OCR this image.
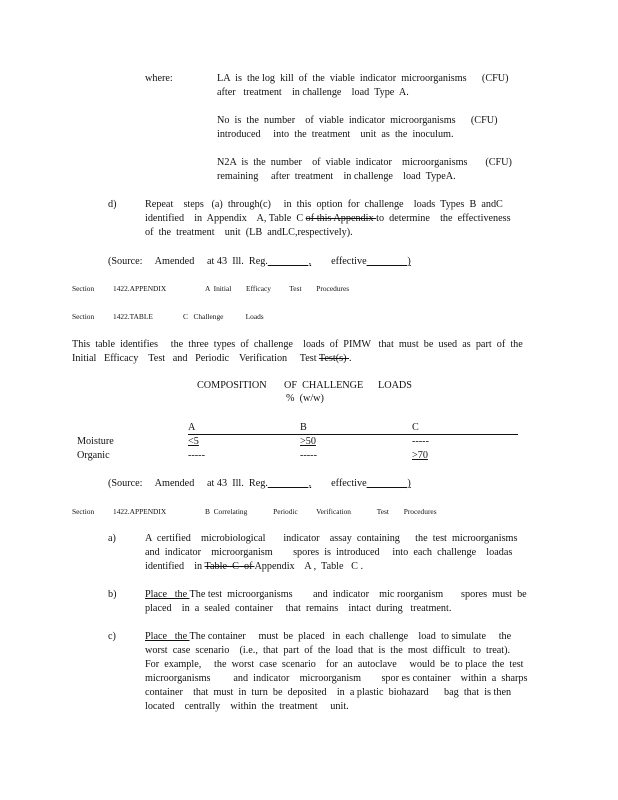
where:	LA  is  the log  kill  of  the  viable  indicator  microorganisms      (CFU)
after   treatment    in challenge    load  Type  A.
No  is  the  number    of  viable  indicator  microorganisms      (CFU)
introduced     into  the  treatment    unit  as  the  inoculum.
N2A  is  the  number    of  viable  indicator    microorganisms       (CFU)
remaining     after  treatment    in challenge    load  TypeA.
d)	Repeat    steps   (a)  through(c)     in  this  option  for  challenge    loads  Types  B  andC
identified    in  Appendix    A, Table  C of this Appendix to  determine    the  effectiveness
of  the  treatment    unit  (LB  andLC,respectively).
(Source:     Amended     at 43  Ill.  Reg.________, effective________)
Section	1422.APPENDIX	A  Initial        Efficacy          Test        Procedures
Section	1422.TABLE	C   Challenge            Loads
This  table  identifies     the  three  types  of  challenge    loads  of  PIMW   that  must  be  used  as  part  of  the
Initial   Efficacy    Test   and   Periodic    Verification     Test Test(s) .
COMPOSITION OF  CHALLENGE LOADS
%  (w/w)
A	B	C
Moisture	<5	>50	-----
Organic	-----	-----	>70
(Source:     Amended     at 43  Ill.  Reg.________, effective________)
Section	1422.APPENDIX	B  Correlating              Periodic          Verification              Test        Procedures
a)	A  certified    microbiological       indicator    assay  containing      the  test  microorganisms
and  indicator    microorganism        spores  is  introduced     into  each  challenge    loadas
identified    in Table  C  of Appendix    A ,  Table   C .
b)	Place   the The test  microorganisms        and  indicator    mic roorganism       spores  must  be
placed    in  a  sealed  container     that  remains    intact  during   treatment.
c)	Place   the The container     must  be  placed   in  each  challenge    load  to simulate     the
worst  case  scenario    (i.e.,  that  part  of  the  load  that  is  the  most  difficult   to  treat).
For  example,     the  worst  case  scenario    for  an  autoclave     would  be  to place  the  test
microorganisms         and  indicator    microorganism        spor es container    within  a  sharps
container    that  must  in  turn  be  deposited    in  a plastic  biohazard      bag  that  is then
located    centrally    within  the  treatment     unit.
